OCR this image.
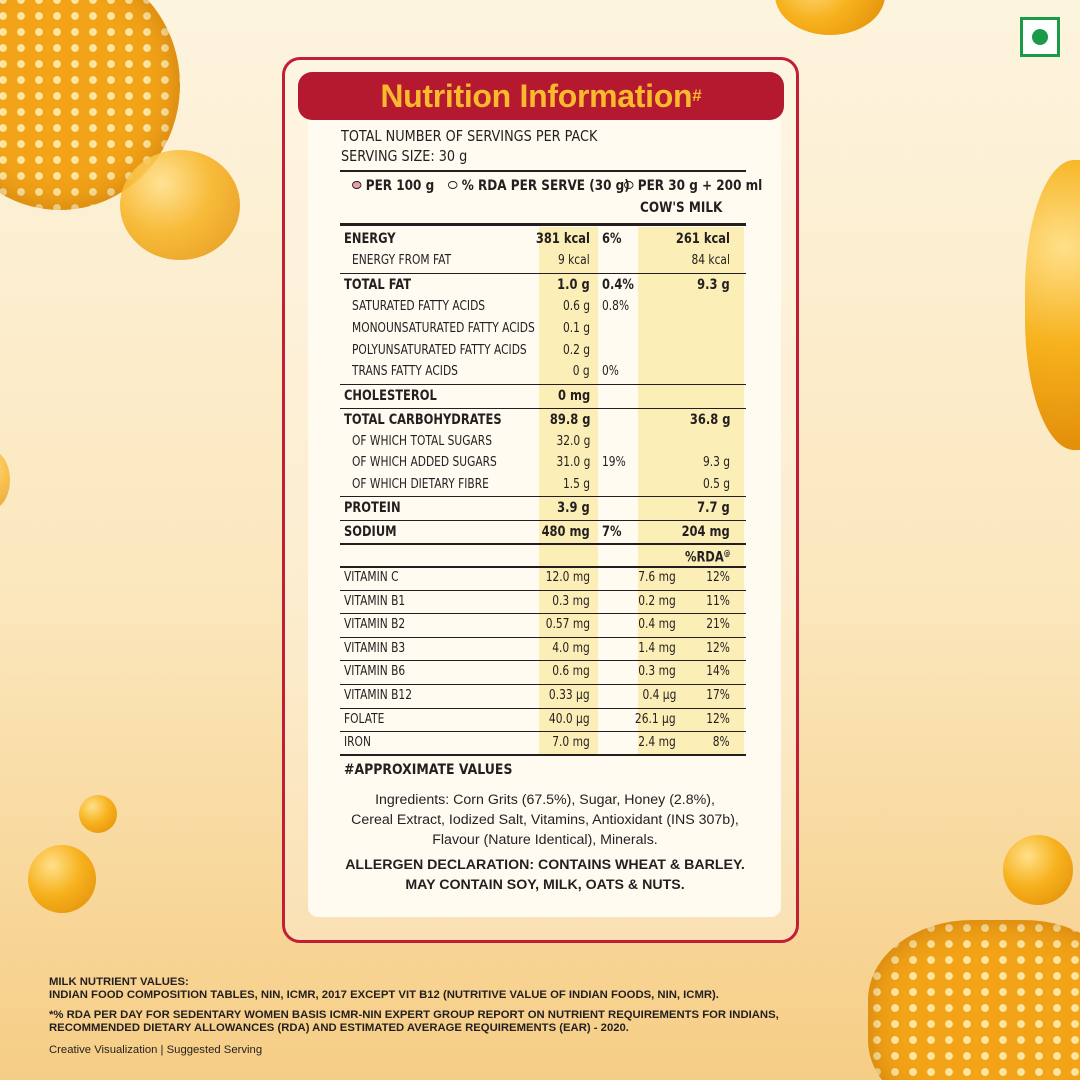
Nutrition Information #
TOTAL NUMBER OF SERVINGS PER PACK
SERVING SIZE: 30 g
PER 100 g	% RDA PER SERVE (30 g) PER 30 g + 200 ml
COW'S MILK
ENERGY	381 kcal 6%	261 kcal
ENERGY FROM FAT	9 kcal	84 kcal
TOTAL FAT	1.0 g 0.4%	9.3 g
SATURATED FATTY ACIDS	0.6 g 0.8%
MONOUNSATURATED FATTY ACIDS 0.1 g
POLYUNSATURATED FATTY ACIDS	0.2 g
TRANS FATTY ACIDS	0 g 0%
CHOLESTEROL	0 mg
TOTAL CARBOHYDRATES	89.8 g	36.8 g
OF WHICH TOTAL SUGARS	32.0 g
OF WHICH ADDED SUGARS	31.0 g 19%	9.3 g
OF WHICH DIETARY FIBRE	1.5 g	0.5 g
PROTEIN	3.9 g	7.7 g
SODIUM	480 mg 7%	204 mg
VITAMIN C	12.0 mg	7.6 mg 12%
VITAMIN B1	0.3 mg	0.2 mg 11%
VITAMIN B2	0.57 mg	0.4 mg 21%
VITAMIN B3	4.0 mg	1.4 mg 12%
VITAMIN B6	0.6 mg	0.3 mg 14%
VITAMIN B12	0.33 µg	0.4 µg 17%
FOLATE	40.0 µg	26.1 µg 12%
IRON	7.0 mg	2.4 mg	8%
%RDA@
#APPROXIMATE VALUES
Ingredients: Corn Grits (67.5%), Sugar, Honey (2.8%),
Cereal Extract, Iodized Salt, Vitamins, Antioxidant (INS 307b),
Flavour (Nature Identical), Minerals.
ALLERGEN DECLARATION: CONTAINS WHEAT & BARLEY.
MAY CONTAIN SOY, MILK, OATS & NUTS.
MILK NUTRIENT VALUES:
INDIAN FOOD COMPOSITION TABLES, NIN, ICMR, 2017 EXCEPT VIT B12 (NUTRITIVE VALUE OF INDIAN FOODS, NIN, ICMR).
*% RDA PER DAY FOR SEDENTARY WOMEN BASIS ICMR-NIN EXPERT GROUP REPORT ON NUTRIENT REQUIREMENTS FOR INDIANS,
RECOMMENDED DIETARY ALLOWANCES (RDA) AND ESTIMATED AVERAGE REQUIREMENTS (EAR) - 2020.
Creative Visualization | Suggested Serving
